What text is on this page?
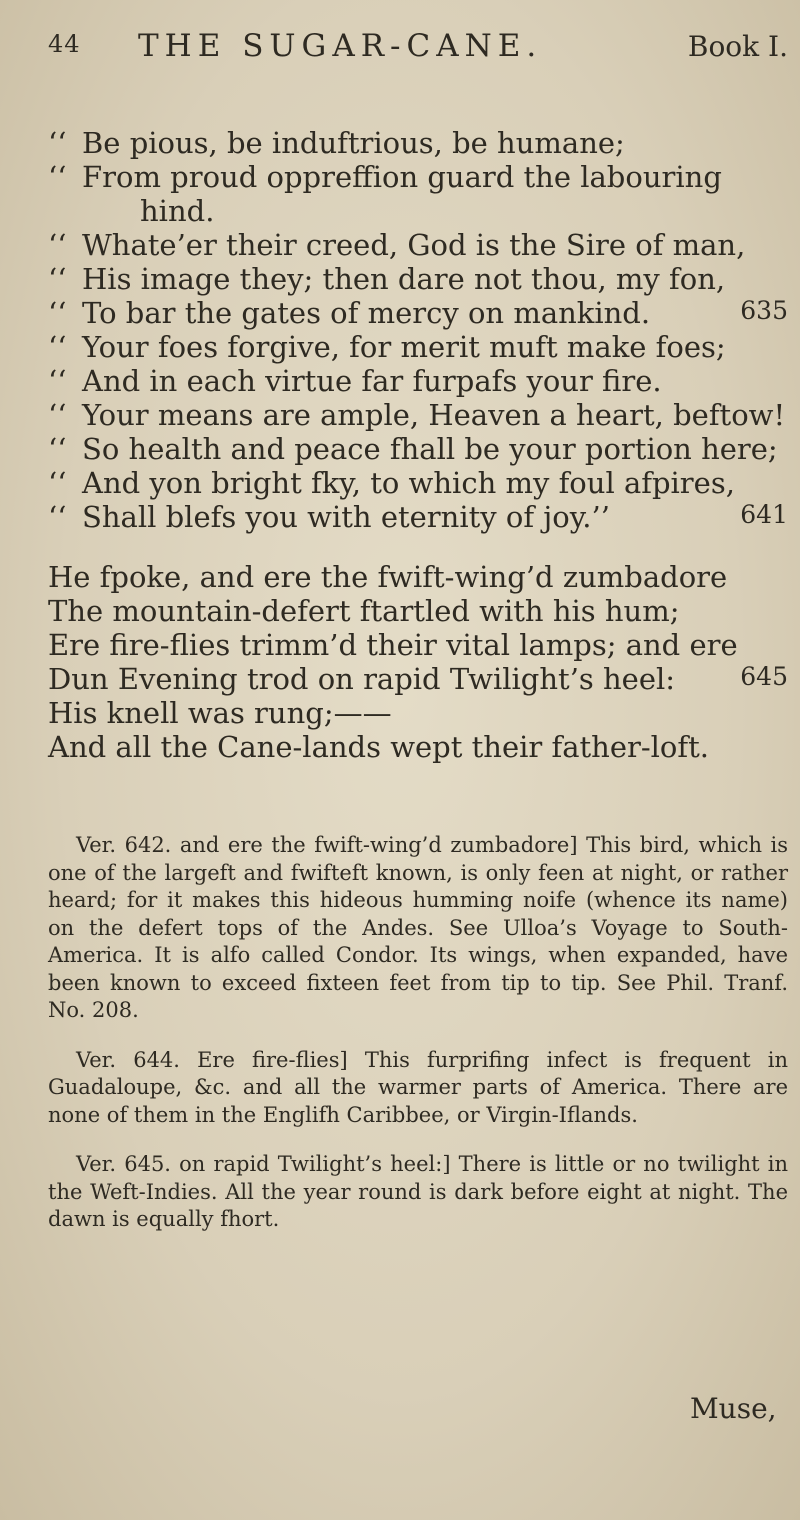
44 THE SUGAR-CANE.	Book I.
‘‘ Be pious, be induftrious, be humane;
‘‘ From proud oppreffion guard the labouring
hind.
‘‘ Whate’er their creed, God is the Sire of man,
‘‘ His image they; then dare not thou, my fon,
‘‘ To bar the gates of mercy on mankind.	635
‘‘ Your foes forgive, for merit muft make foes;
‘‘ And in each virtue far furpafs your fire.
‘‘ Your means are ample, Heaven a heart, beftow!
‘‘ So health and peace fhall be your portion here;
‘‘ And yon bright fky, to which my foul afpires,
‘‘ Shall blefs you with eternity of joy.’’	641
He fpoke, and ere the fwift-wing’d zumbadore
The mountain-defert ftartled with his hum;
Ere fire-flies trimm’d their vital lamps; and ere
Dun Evening trod on rapid Twilight’s heel:	645
His knell was rung;——
And all the Cane-lands wept their father-loft.

Ver. 642. and ere the fwift-wing’d zumbadore] This bird, which is one of the largeft and fwifteft known, is only feen at night, or rather heard; for it makes this hideous humming noife (whence its name) on the defert tops of the Andes. See Ulloa’s Voyage to South-America. It is alfo called Condor. Its wings, when expanded, have been known to exceed fixteen feet from tip to tip. See Phil. Tranf. No. 208.

Ver. 644. Ere fire-flies] This furprifing infect is frequent in Guadaloupe, &c. and all the warmer parts of America. There are none of them in the Englifh Caribbee, or Virgin-Iflands.

Ver. 645. on rapid Twilight’s heel:] There is little or no twilight in the Weft-Indies. All the year round is dark before eight at night. The dawn is equally fhort.

Muse,
